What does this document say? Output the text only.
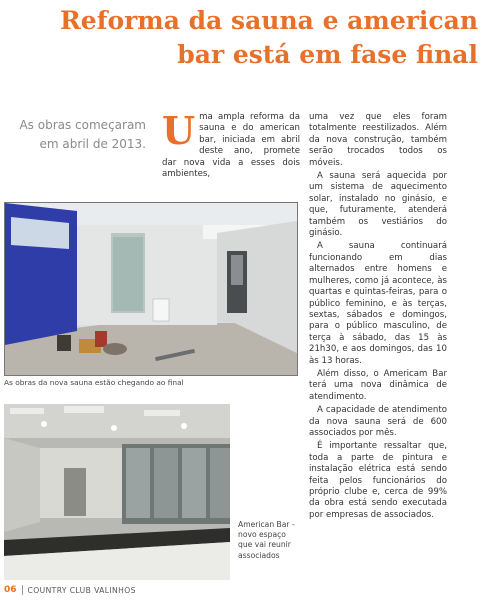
Reforma da sauna e american
bar está em fase final
As obras começaram
em abril de 2013. Uma ampla reforma da sauna e do american bar, iniciada em abril deste ano, promete dar nova vida a esses dois ambientes,

uma vez que eles foram totalmente reestilizados. Além da nova construção, também serão trocados todos os móveis.

A sauna será aquecida por um sistema de aquecimento solar, instalado no ginásio, e que, futuramente, atenderá também os vestiários do ginásio.

A sauna continuará funcionando em dias alternados entre homens e mulheres, como já acontece, às quartas e quintas-feiras, para o público feminino, e às terças, sextas, sábados e domingos, para o público masculino, de terça à sábado, das 15 às 21h30, e aos domingos, das 10 às 13 horas.

Além disso, o Americam Bar terá uma nova dinâmica de atendimento.

A capacidade de atendimento da nova sauna será de 600 associados por mês.

É importante ressaltar que, toda a parte de pintura e instalação elétrica está sendo feita pelos funcionários do próprio clube e, cerca de 99% da obra está sendo executada por empresas de associados.

As obras da nova sauna estão chegando ao final
American Bar - novo espaço que vai reunir associados
06 COUNTRY CLUB VALINHOS
